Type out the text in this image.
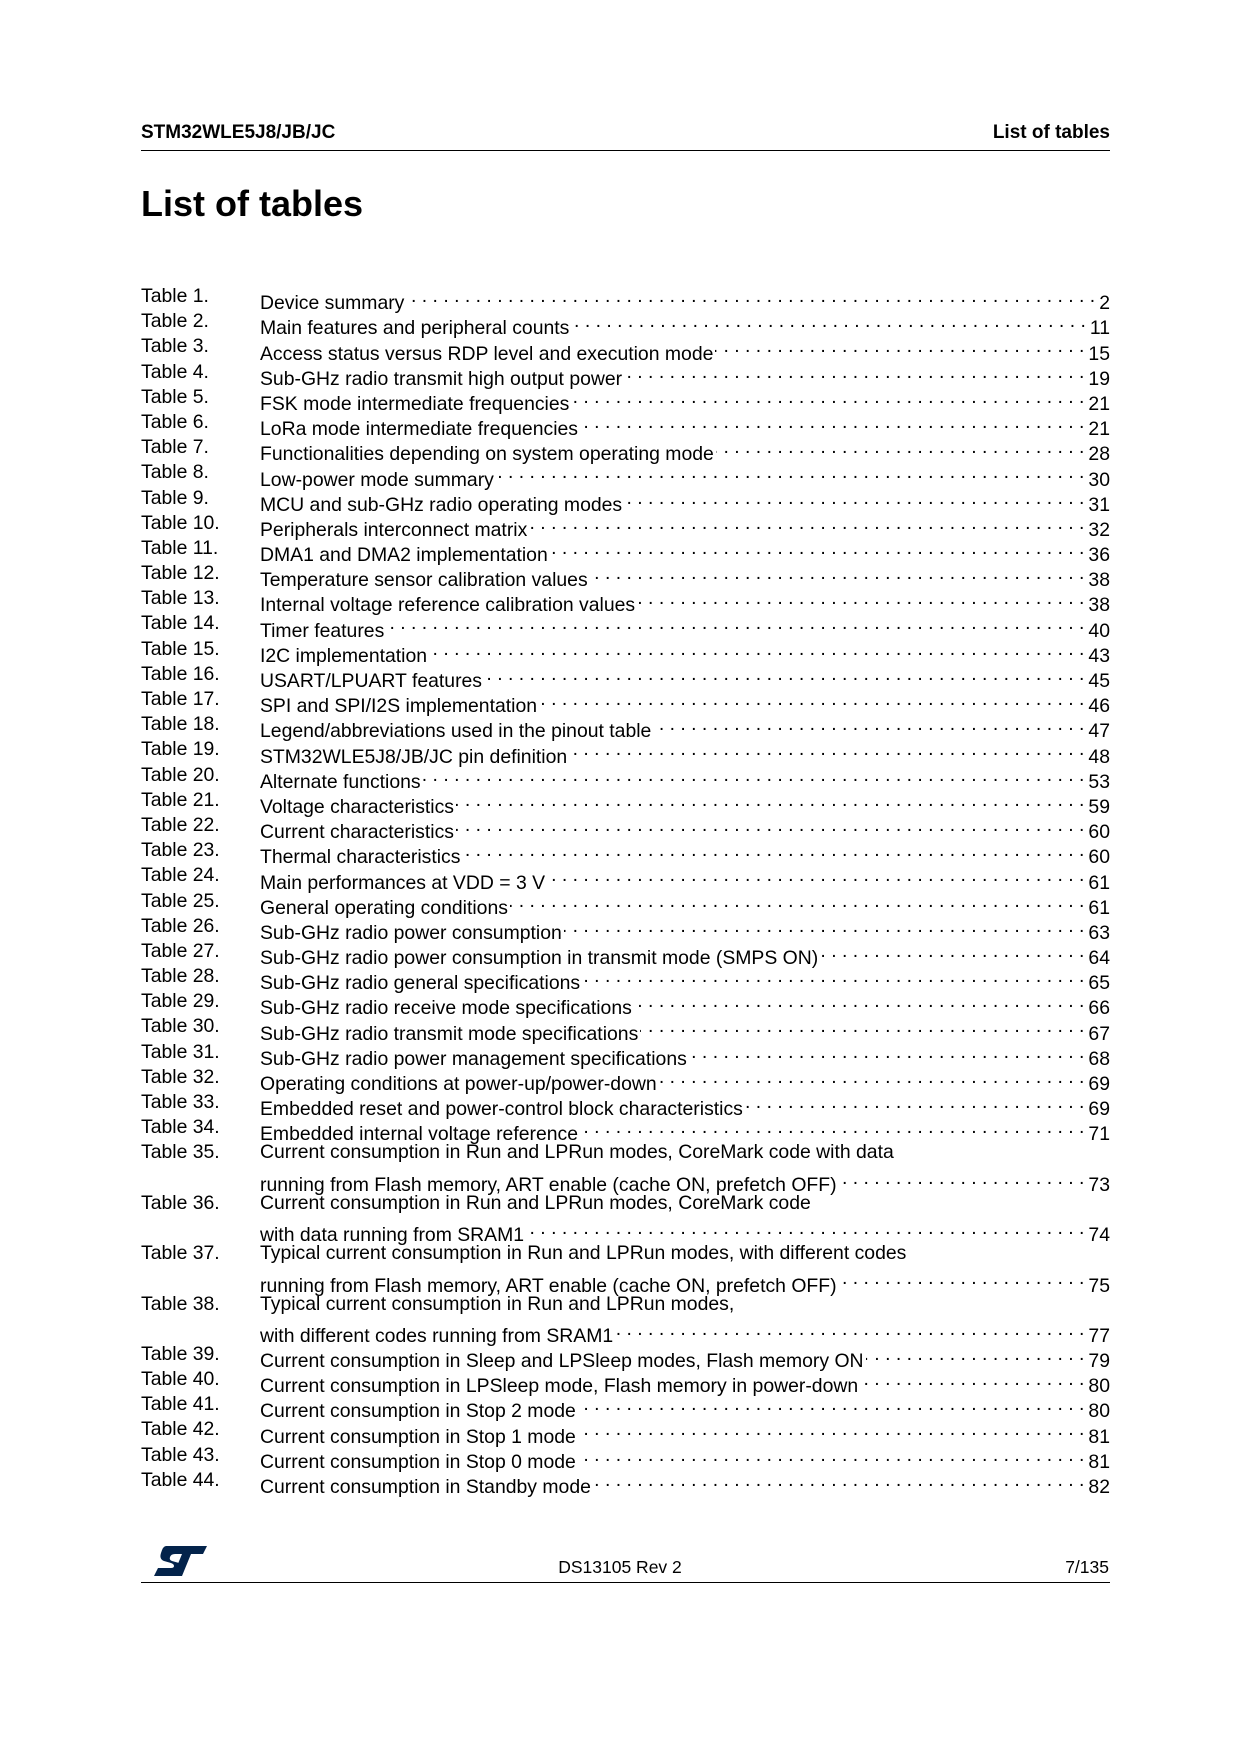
STM32WLE5J8/JB/JC	List of tables
List of tables
Table 1.	Device summary . . .	2
Table 2.	Main features and peripheral counts . . .	11
Table 3.	Access status versus RDP level and execution mode . . .	15
Table 4.	Sub-GHz radio transmit high output power . . .	19
Table 5.	FSK mode intermediate frequencies . . .	21
Table 6.	LoRa mode intermediate frequencies . . .	21
Table 7.	Functionalities depending on system operating mode . . .	28
Table 8.	Low-power mode summary . . .	30
Table 9.	MCU and sub-GHz radio operating modes . . .	31
Table 10. Peripherals interconnect matrix . . .	32
Table 11. DMA1 and DMA2 implementation . . .	36
Table 12. Temperature sensor calibration values . . .	38
Table 13. Internal voltage reference calibration values . . .	38
Table 14. Timer features . . .	40
Table 15. I2C implementation . . .	43
Table 16. USART/LPUART features . . .	45
Table 17. SPI and SPI/I2S implementation . . .	46
Table 18. Legend/abbreviations used in the pinout table . . .	47
Table 19. STM32WLE5J8/JB/JC pin definition . . .	48
Table 20. Alternate functions . . .	53
Table 21. Voltage characteristics . . .	59
Table 22. Current characteristics . . .	60
Table 23. Thermal characteristics . . .	60
Table 24. Main performances at VDD = 3 V . . .	61
Table 25. General operating conditions . . .	61
Table 26. Sub-GHz radio power consumption . . .	63
Table 27. Sub-GHz radio power consumption in transmit mode (SMPS ON) . . .	64
Table 28. Sub-GHz radio general specifications . . .	65
Table 29. Sub-GHz radio receive mode specifications . . .	66
Table 30. Sub-GHz radio transmit mode specifications . . .	67
Table 31. Sub-GHz radio power management specifications . . .	68
Table 32. Operating conditions at power-up/power-down . . .	69
Table 33. Embedded reset and power-control block characteristics . . .	69
Table 34. Embedded internal voltage reference . . .	71
Table 35. Current consumption in Run and LPRun modes, CoreMark code with data
running from Flash memory, ART enable (cache ON, prefetch OFF) . . .	73
Table 36. Current consumption in Run and LPRun modes, CoreMark code
with data running from SRAM1 . . .	74
Table 37. Typical current consumption in Run and LPRun modes, with different codes
running from Flash memory, ART enable (cache ON, prefetch OFF) . . .	75
Table 38. Typical current consumption in Run and LPRun modes,
with different codes running from SRAM1 . . .	77
Table 39. Current consumption in Sleep and LPSleep modes, Flash memory ON . . .	79
Table 40. Current consumption in LPSleep mode, Flash memory in power-down . . .	80
Table 41. Current consumption in Stop 2 mode . . .	80
Table 42. Current consumption in Stop 1 mode . . .	81
Table 43. Current consumption in Stop 0 mode . . .	81
Table 44. Current consumption in Standby mode . . .	82
DS13105 Rev 2	7/135
